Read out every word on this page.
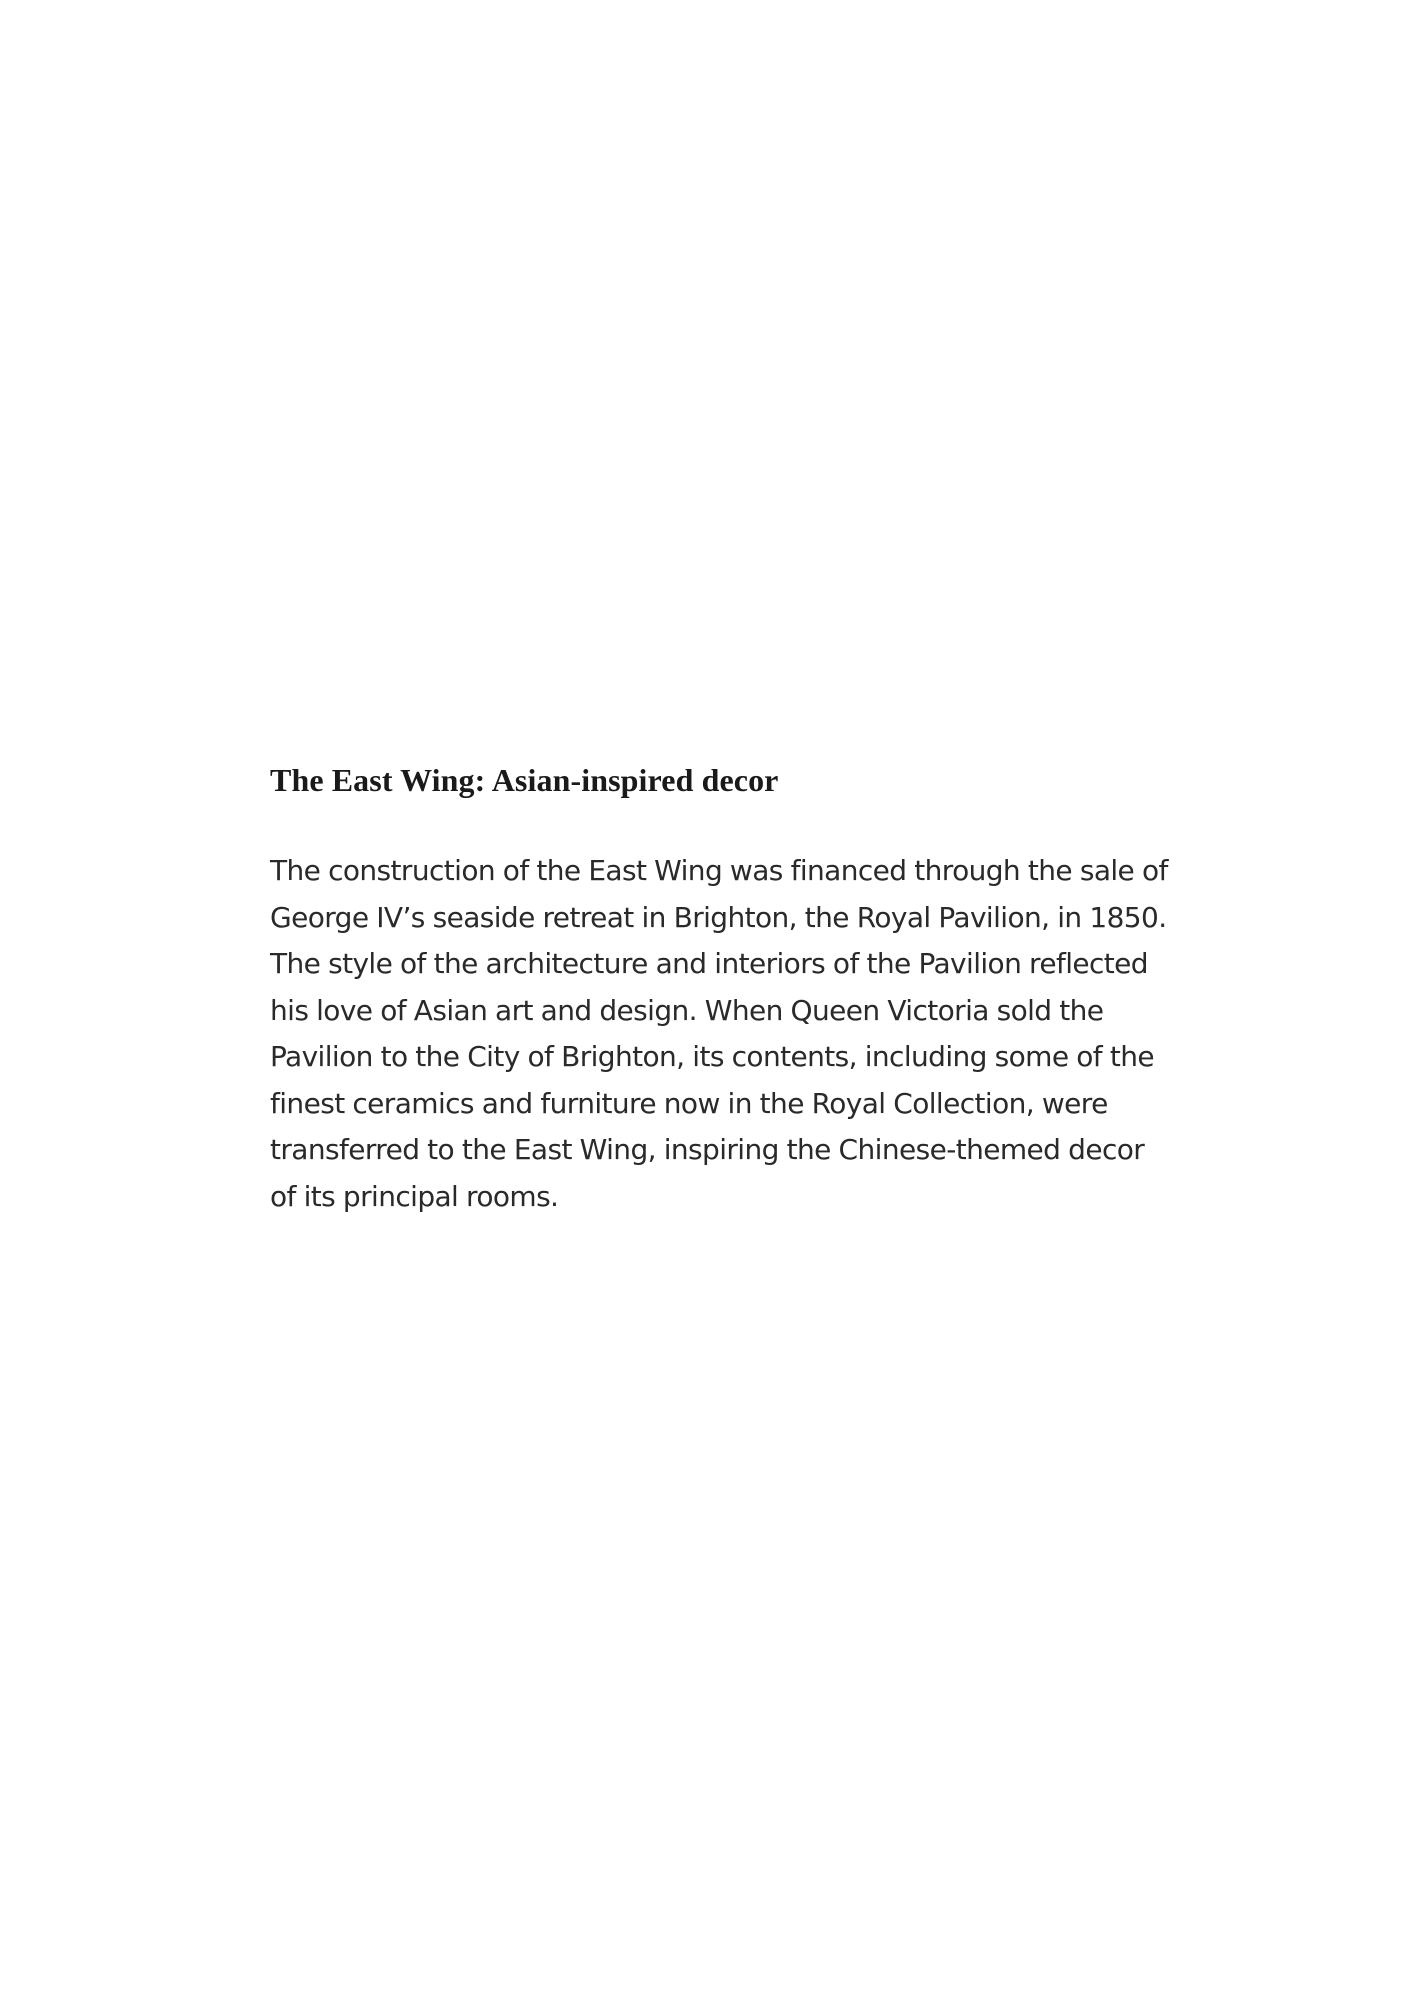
The East Wing: Asian-inspired decor

The construction of the East Wing was financed through the sale of
George IV’s seaside retreat in Brighton, the Royal Pavilion, in 1850.
The style of the architecture and interiors of the Pavilion reflected
his love of Asian art and design. When Queen Victoria sold the
Pavilion to the City of Brighton, its contents, including some of the
finest ceramics and furniture now in the Royal Collection, were
transferred to the East Wing, inspiring the Chinese-themed decor
of its principal rooms.
